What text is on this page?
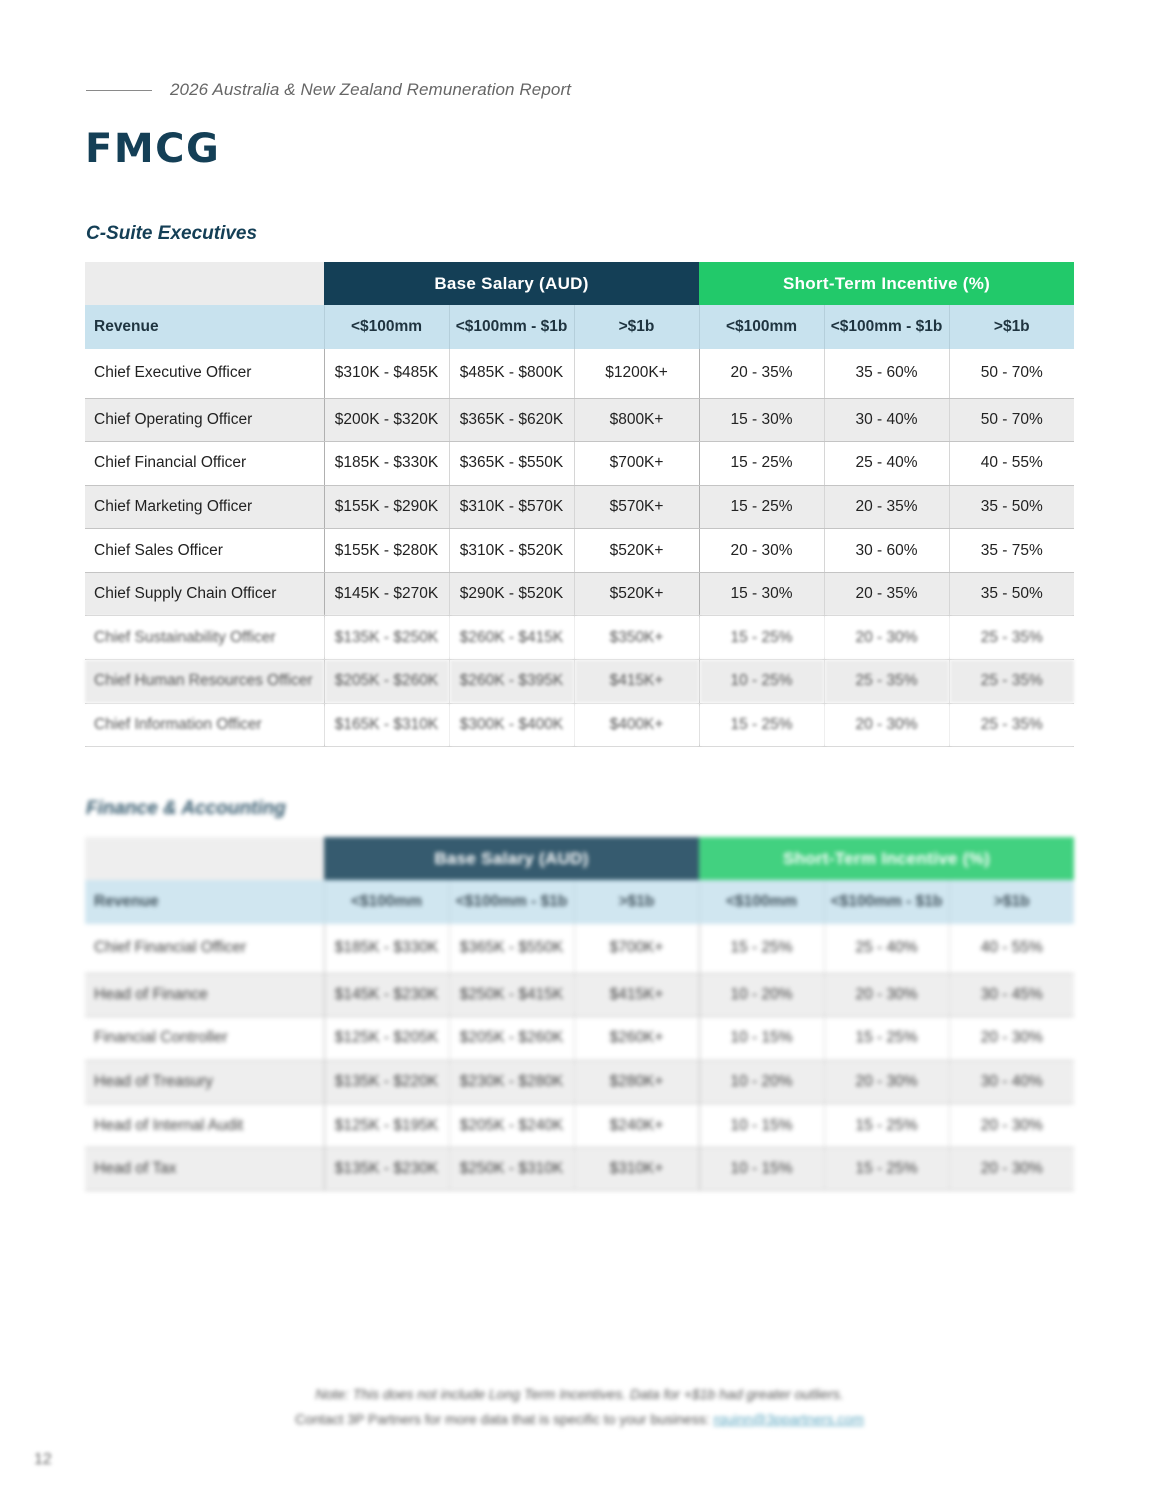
2026 Australia & New Zealand Remuneration Report
FMCG
C-Suite Executives
	Base Salary (AUD)			Short-Term Incentive (%)		
Revenue	<$100mm	<$100mm - $1b	>$1b	<$100mm	<$100mm - $1b	>$1b
Chief Executive Officer	$310K - $485K	$485K - $800K	$1200K+	20 - 35%	35 - 60%	50 - 70%
Chief Operating Officer	$200K - $320K	$365K - $620K	$800K+	15 - 30%	30 - 40%	50 - 70%
Chief Financial Officer	$185K - $330K	$365K - $550K	$700K+	15 - 25%	25 - 40%	40 - 55%
Chief Marketing Officer	$155K - $290K	$310K - $570K	$570K+	15 - 25%	20 - 35%	35 - 50%
Chief Sales Officer	$155K - $280K	$310K - $520K	$520K+	20 - 30%	30 - 60%	35 - 75%
Chief Supply Chain Officer	$145K - $270K	$290K - $520K	$520K+	15 - 30%	20 - 35%	35 - 50%
Chief Sustainability Officer	$135K - $250K	$260K - $415K	$350K+	15 - 25%	20 - 30%	25 - 35%
Chief Human Resources Officer	$205K - $260K	$260K - $395K	$415K+	10 - 25%	25 - 35%	25 - 35%
Chief Information Officer	$165K - $310K	$300K - $400K	$400K+	15 - 25%	20 - 30%	25 - 35%
Finance & Accounting
	Base Salary (AUD)			Short-Term Incentive (%)		
Revenue	<$100mm	<$100mm - $1b	>$1b	<$100mm	<$100mm - $1b	>$1b
Chief Financial Officer	$185K - $330K	$365K - $550K	$700K+	15 - 25%	25 - 40%	40 - 55%
Head of Finance	$145K - $230K	$250K - $415K	$415K+	10 - 20%	20 - 30%	30 - 45%
Financial Controller	$125K - $205K	$205K - $260K	$260K+	10 - 15%	15 - 25%	20 - 30%
Head of Treasury	$135K - $220K	$230K - $280K	$280K+	10 - 20%	20 - 30%	30 - 40%
Head of Internal Audit	$125K - $195K	$205K - $240K	$240K+	10 - 15%	15 - 25%	20 - 30%
Head of Tax	$135K - $230K	$250K - $310K	$310K+	10 - 15%	15 - 25%	20 - 30%

Note: This does not include Long Term Incentives. Data for +$1b had greater outliers.

Contact 3P Partners for more data that is specific to your business: rquinn@3ppartners.com

12
